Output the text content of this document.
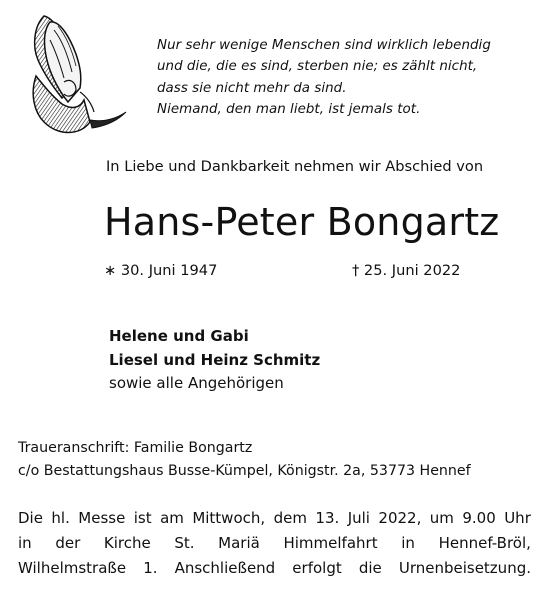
Nur sehr wenige Menschen sind wirklich lebendig
und die, die es sind, sterben nie; es zählt nicht,
dass sie nicht mehr da sind.
Niemand, den man liebt, ist jemals tot.
In Liebe und Dankbarkeit nehmen wir Abschied von
Hans-Peter Bongartz
∗ 30. Juni 1947	† 25. Juni 2022
Helene und Gabi
Liesel und Heinz Schmitz
sowie alle Angehörigen
Traueranschrift: Familie Bongartz
c/o Bestattungshaus Busse-Kümpel, Königstr. 2a, 53773 Hennef
Die hl. Messe ist am Mittwoch, dem 13. Juli 2022, um 9.00 Uhr
in der Kirche St. Mariä Himmelfahrt in Hennef-Bröl,
Wilhelmstraße 1. Anschließend erfolgt die Urnenbeisetzung.
